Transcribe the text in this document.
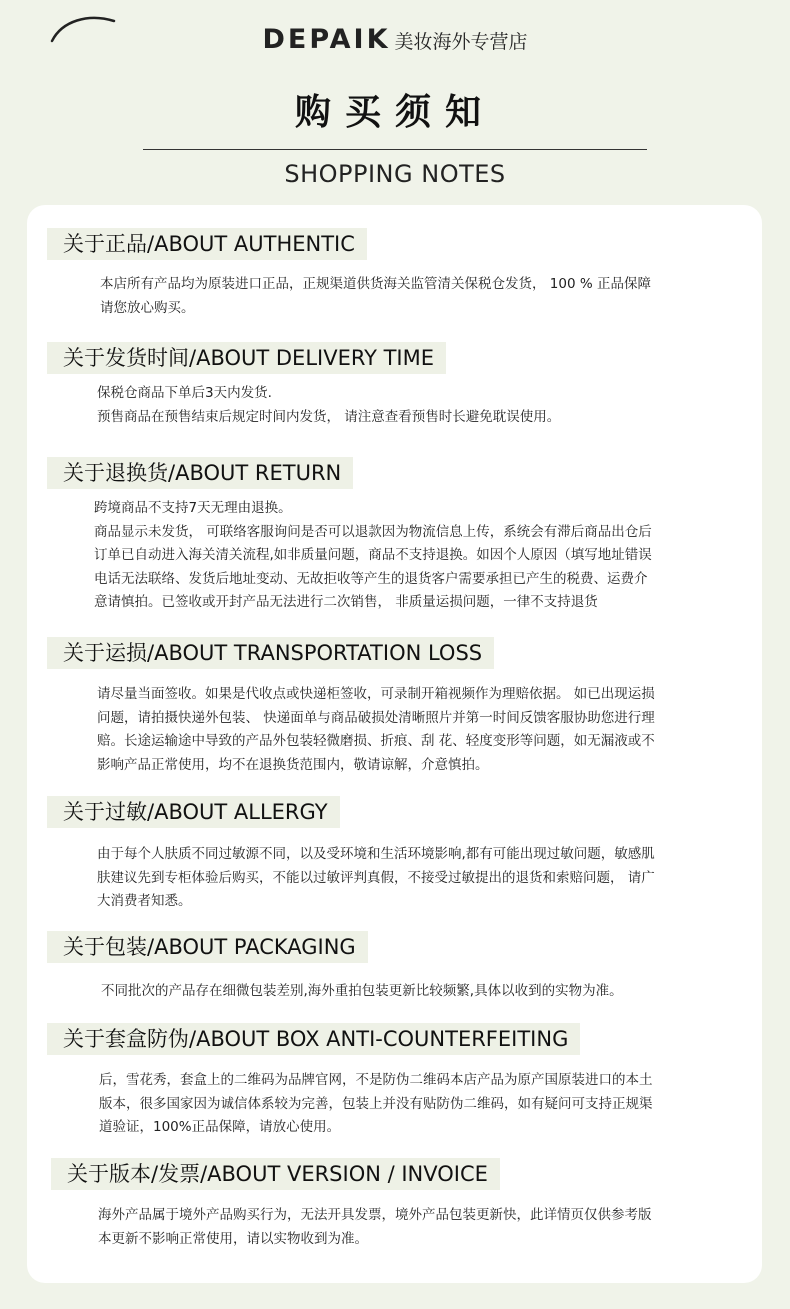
DEPAIK 美妆海外专营店
购买须知
SHOPPING NOTES
关于正品/ABOUT AUTHENTIC

本店所有产品均为原装进口正品，正规渠道供货海关监管清关保税仓发货， 100 % 正品保障

请您放心购买。

关于发货时间/ABOUT DELIVERY TIME

保税仓商品下单后3天内发货.

预售商品在预售结束后规定时间内发货， 请注意查看预售时长避免耽误使用。

关于退换货/ABOUT RETURN

跨境商品不支持7天无理由退换。

商品显示未发货， 可联络客服询问是否可以退款因为物流信息上传，系统会有滞后商品出仓后

订单已自动进入海关清关流程,如非质量问题，商品不支持退换。如因个人原因（填写地址错误

电话无法联络、发货后地址变动、无故拒收等产生的退货客户需要承担已产生的税费、运费介

意请慎拍。已签收或开封产品无法进行二次销售， 非质量运损问题，一律不支持退货

关于运损/ABOUT TRANSPORTATION LOSS

请尽量当面签收。如果是代收点或快递柜签收，可录制开箱视频作为理赔依据。 如已出现运损

问题，请拍摄快递外包装、 快递面单与商品破损处清晰照片并第一时间反馈客服协助您进行理

赔。长途运输途中导致的产品外包装轻微磨损、折痕、刮 花、轻度变形等问题，如无漏液或不

影响产品正常使用，均不在退换货范围内，敬请谅解，介意慎拍。

关于过敏/ABOUT ALLERGY

由于每个人肤质不同过敏源不同，以及受环境和生活环境影响,都有可能出现过敏问题，敏感肌

肤建议先到专柜体验后购买，不能以过敏评判真假，不接受过敏提出的退货和索赔问题， 请广

大消费者知悉。

关于包装/ABOUT PACKAGING

不同批次的产品存在细微包装差别,海外重拍包装更新比较频繁,具体以收到的实物为准。

关于套盒防伪/ABOUT BOX ANTI-COUNTERFEITING

后，雪花秀，套盒上的二维码为品牌官网，不是防伪二维码本店产品为原产国原装进口的本土

版本，很多国家因为诚信体系较为完善，包装上并没有贴防伪二维码，如有疑问可支持正规渠

道验证，100%正品保障，请放心使用。

关于版本/发票/ABOUT VERSION / INVOICE

海外产品属于境外产品购买行为，无法开具发票，境外产品包装更新快，此详情页仅供参考版

本更新不影响正常使用，请以实物收到为准。
